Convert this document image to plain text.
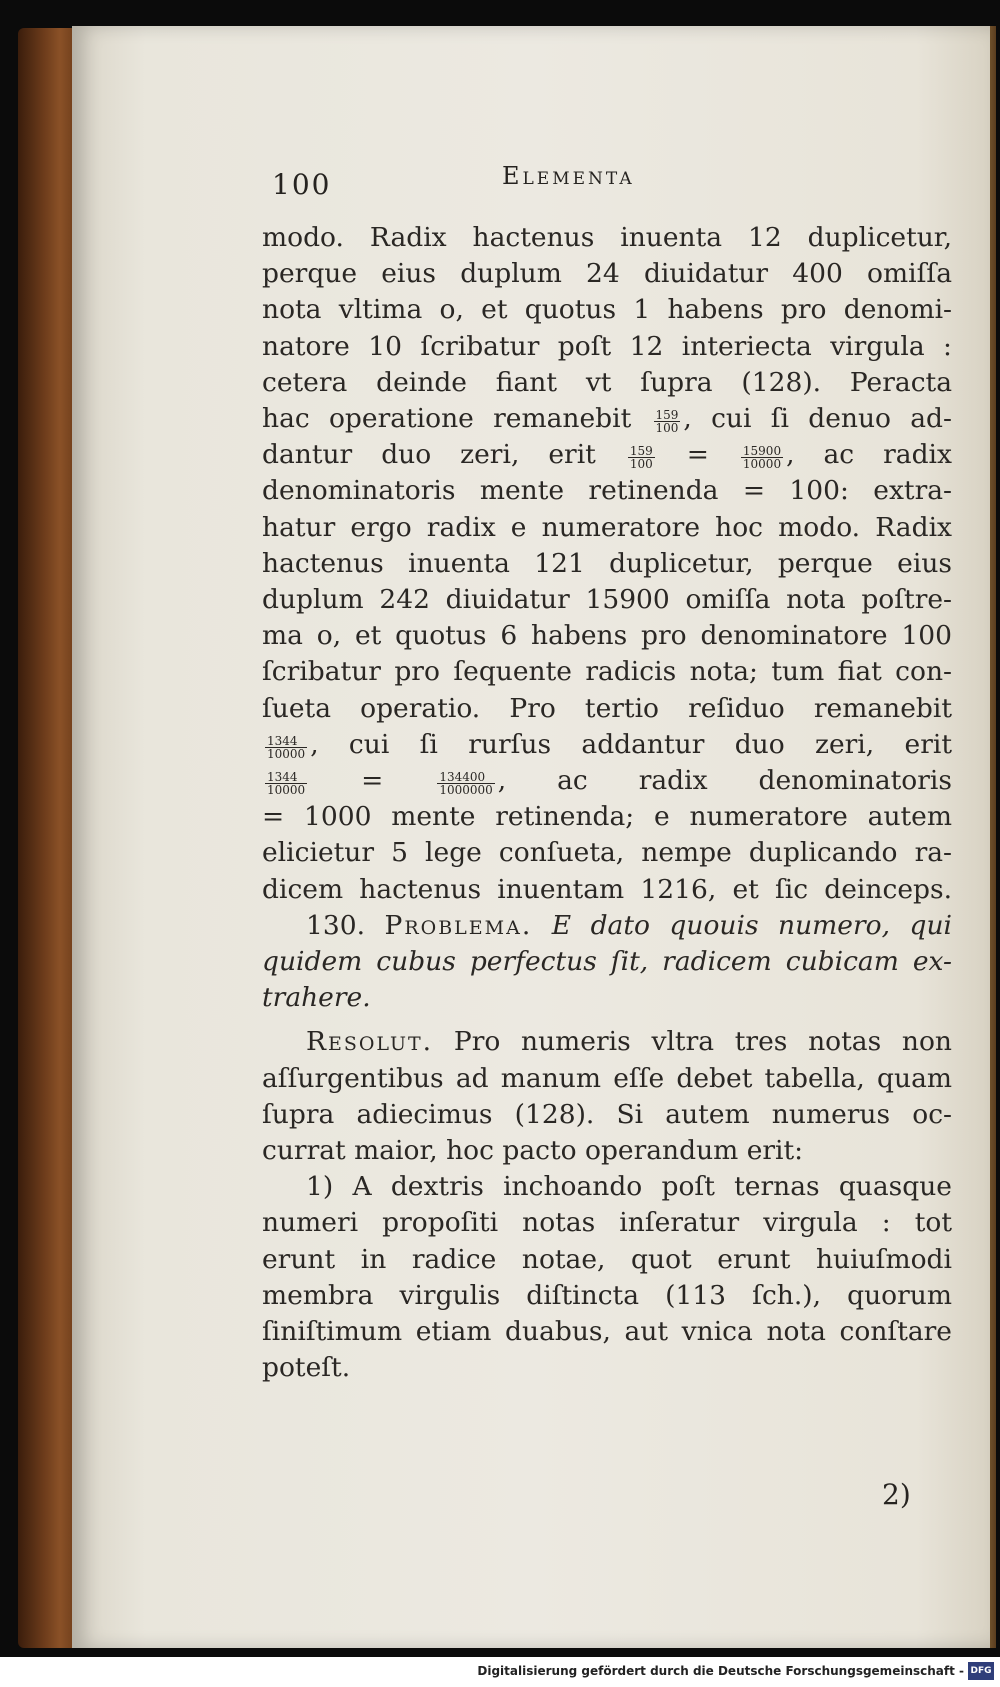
100	Elementa
modo. Radix hactenus inuenta 12 duplicetur,
perque eius duplum 24 diuidatur 400 omiſſa
nota vltima o, et quotus 1 habens pro denomi-
natore 10 ſcribatur poſt 12 interiecta virgula :
cetera deinde fiant vt ſupra (128). Peracta
hac operatione remanebit $\frac{159}{100}$ , cui ſi denuo ad-
dantur duo zeri, erit	$\frac{159}{100}$ =	$\frac{15900}{10000}$ , ac radix
denominatoris mente retinenda = 100: extra-
hatur ergo radix e numeratore hoc modo. Radix
hactenus inuenta 121 duplicetur, perque eius
duplum 242 diuidatur 15900 omiſſa nota poſtre-
ma o, et quotus 6 habens pro denominatore 100
ſcribatur pro ſequente radicis nota; tum fiat con-
ſueta operatio. Pro tertio reſiduo remanebit
$\frac{1344}{10000}$ , cui ſi rurſus addantur duo zeri, erit
$\frac{1344}{10000}$ =	$\frac{134400}{1000000}$ , ac radix denominatoris
= 1000 mente retinenda; e numeratore autem
elicietur 5 lege conſueta, nempe duplicando ra-
dicem hactenus inuentam 1216, et ſic deinceps.
130. Problema. E dato quouis numero, qui
quidem cubus perfectus ſit, radicem cubicam ex-
trahere.
Resolut. Pro numeris vltra tres notas non
aſſurgentibus ad manum eſſe debet tabella, quam
ſupra adiecimus (128). Si autem numerus oc-
currat maior, hoc pacto operandum erit:
1) A dextris inchoando poſt ternas quasque
numeri propoſiti notas inſeratur virgula : tot
erunt in radice notae, quot erunt huiuſmodi
membra virgulis diſtincta (113 ſch.), quorum
ſiniſtimum etiam duabus, aut vnica nota conſtare
poteſt.
2)
Digitalisierung gefördert durch die Deutsche Forschungsgemeinschaft - DFG
